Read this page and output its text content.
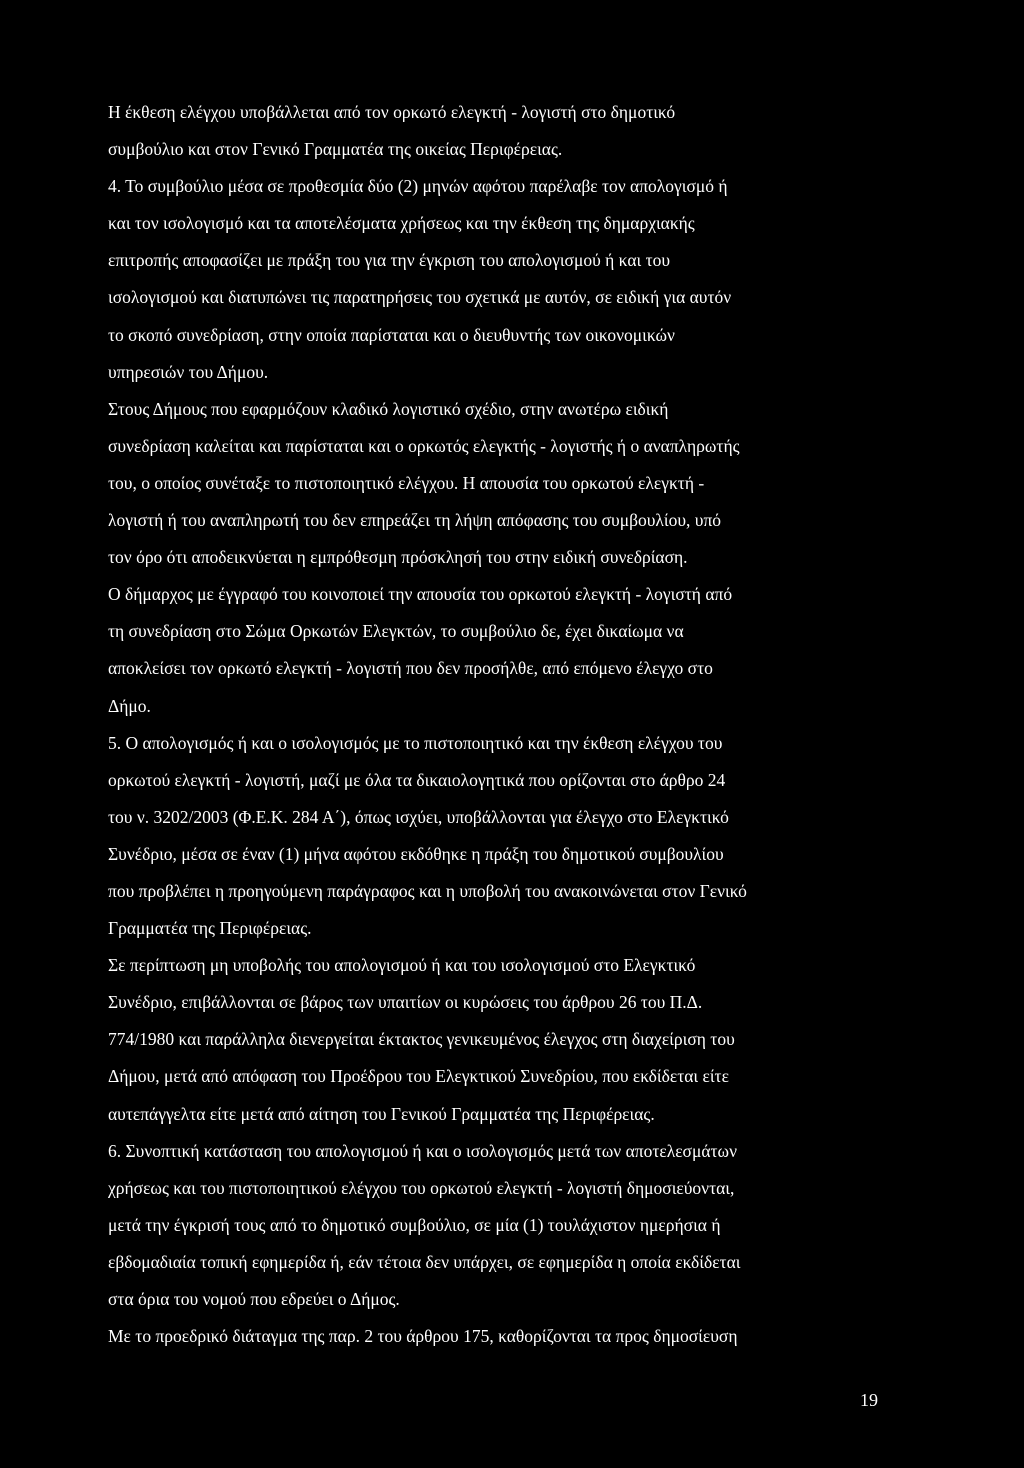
Η έκθεση ελέγχου υποβάλλεται από τον ορκωτό ελεγκτή - λογιστή στο δημοτικό
συμβούλιο και στον Γενικό Γραμματέα της οικείας Περιφέρειας.
4. Το συμβούλιο μέσα σε προθεσμία δύο (2) μηνών αφότου παρέλαβε τον απολογισμό ή
και τον ισολογισμό και τα αποτελέσματα χρήσεως και την έκθεση της δημαρχιακής
επιτροπής αποφασίζει με πράξη του για την έγκριση του απολογισμού ή και του
ισολογισμού και διατυπώνει τις παρατηρήσεις του σχετικά με αυτόν, σε ειδική για αυτόν
το σκοπό συνεδρίαση, στην οποία παρίσταται και ο διευθυντής των οικονομικών
υπηρεσιών του Δήμου.
Στους Δήμους που εφαρμόζουν κλαδικό λογιστικό σχέδιο, στην ανωτέρω ειδική
συνεδρίαση καλείται και παρίσταται και ο ορκωτός ελεγκτής - λογιστής ή ο αναπληρωτής
του, ο οποίος συνέταξε το πιστοποιητικό ελέγχου. Η απουσία του ορκωτού ελεγκτή -
λογιστή ή του αναπληρωτή του δεν επηρεάζει τη λήψη απόφασης του συμβουλίου, υπό
τον όρο ότι αποδεικνύεται η εμπρόθεσμη πρόσκλησή του στην ειδική συνεδρίαση.
Ο δήμαρχος με έγγραφό του κοινοποιεί την απουσία του ορκωτού ελεγκτή - λογιστή από
τη συνεδρίαση στο Σώμα Ορκωτών Ελεγκτών, το συμβούλιο δε, έχει δικαίωμα να
αποκλείσει τον ορκωτό ελεγκτή - λογιστή που δεν προσήλθε, από επόμενο έλεγχο στο
Δήμο.
5. Ο απολογισμός ή και ο ισολογισμός με το πιστοποιητικό και την έκθεση ελέγχου του
ορκωτού ελεγκτή - λογιστή, μαζί με όλα τα δικαιολογητικά που ορίζονται στο άρθρο 24
του ν. 3202/2003 (Φ.Ε.Κ. 284 Α΄), όπως ισχύει, υποβάλλονται για έλεγχο στο Ελεγκτικό
Συνέδριο, μέσα σε έναν (1) μήνα αφότου εκδόθηκε η πράξη του δημοτικού συμβουλίου
που προβλέπει η προηγούμενη παράγραφος και η υποβολή του ανακοινώνεται στον Γενικό
Γραμματέα της Περιφέρειας.
Σε περίπτωση μη υποβολής του απολογισμού ή και του ισολογισμού στο Ελεγκτικό
Συνέδριο, επιβάλλονται σε βάρος των υπαιτίων οι κυρώσεις του άρθρου 26 του Π.Δ.
774/1980 και παράλληλα διενεργείται έκτακτος γενικευμένος έλεγχος στη διαχείριση του
Δήμου, μετά από απόφαση του Προέδρου του Ελεγκτικού Συνεδρίου, που εκδίδεται είτε
αυτεπάγγελτα είτε μετά από αίτηση του Γενικού Γραμματέα της Περιφέρειας.
6. Συνοπτική κατάσταση του απολογισμού ή και ο ισολογισμός μετά των αποτελεσμάτων
χρήσεως και του πιστοποιητικού ελέγχου του ορκωτού ελεγκτή - λογιστή δημοσιεύονται,
μετά την έγκρισή τους από το δημοτικό συμβούλιο, σε μία (1) τουλάχιστον ημερήσια ή
εβδομαδιαία τοπική εφημερίδα ή, εάν τέτοια δεν υπάρχει, σε εφημερίδα η οποία εκδίδεται
στα όρια του νομού που εδρεύει ο Δήμος.
Με το προεδρικό διάταγμα της παρ. 2 του άρθρου 175, καθορίζονται τα προς δημοσίευση
19
